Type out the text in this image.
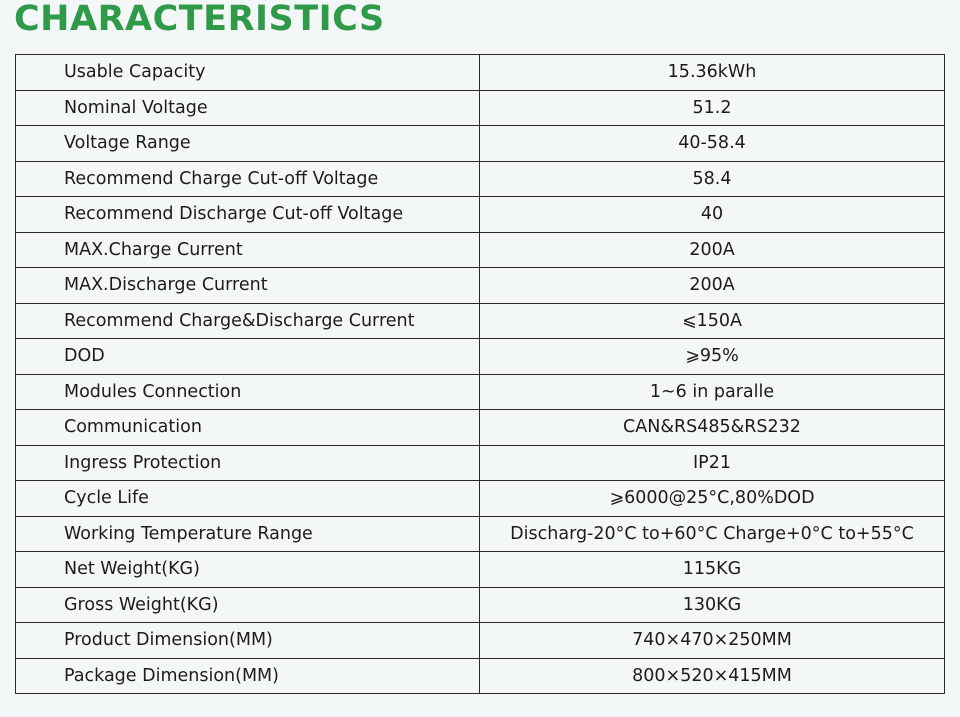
CHARACTERISTICS
Usable Capacity	15.36kWh
Nominal Voltage	51.2
Voltage Range	40-58.4
Recommend Charge Cut-off Voltage	58.4
Recommend Discharge Cut-off Voltage	40
MAX.Charge Current	200A
MAX.Discharge Current	200A
Recommend Charge&Discharge Current	⩽150A
DOD	⩾95%
Modules Connection	1~6 in paralle
Communication	CAN&RS485&RS232
Ingress Protection	IP21
Cycle Life	⩾6000@25°C,80%DOD
Working Temperature Range	Discharg-20°C to+60°C Charge+0°C to+55°C
Net Weight(KG)	115KG
Gross Weight(KG)	130KG
Product Dimension(MM)	740×470×250MM
Package Dimension(MM)	800×520×415MM
